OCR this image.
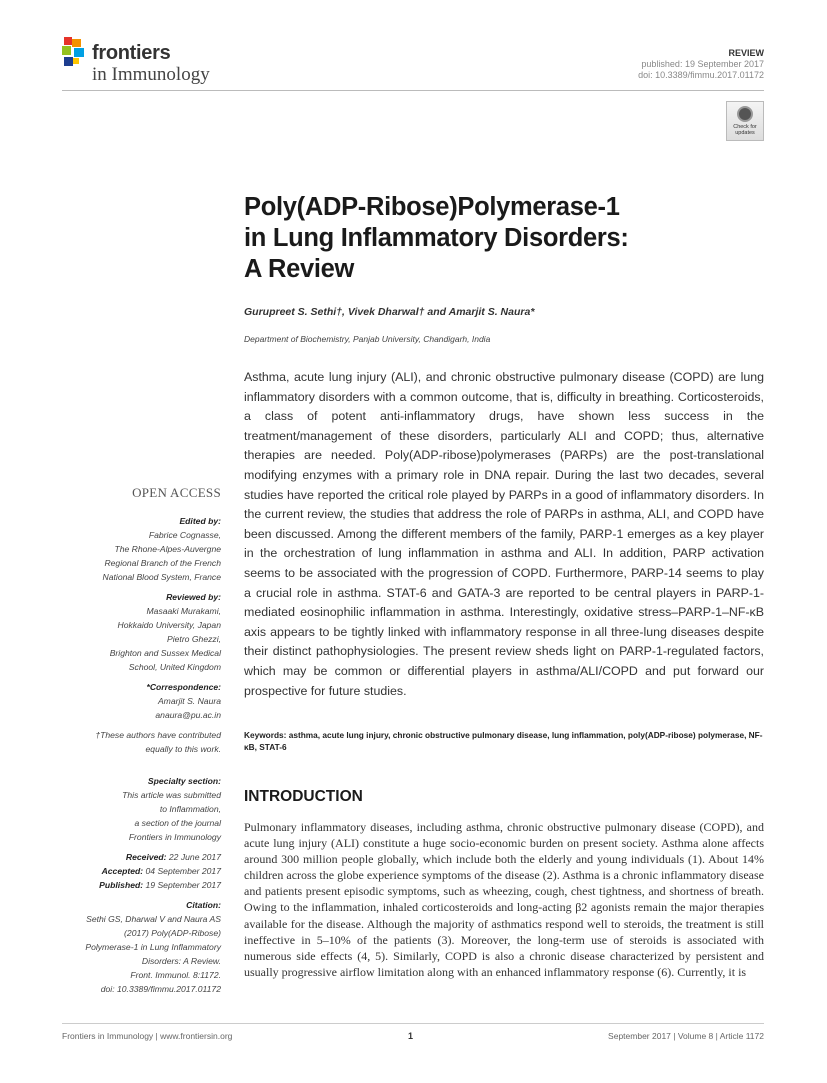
frontiers
in Immunology
REVIEW
published: 19 September 2017
doi: 10.3389/fimmu.2017.01172
Check for updates
Poly(ADP-Ribose)Polymerase-1
in Lung Inflammatory Disorders:
A Review
Gurupreet S. Sethi†, Vivek Dharwal† and Amarjit S. Naura*
Department of Biochemistry, Panjab University, Chandigarh, India
Asthma, acute lung injury (ALI), and chronic obstructive pulmonary disease (COPD) are lung inflammatory disorders with a common outcome, that is, difficulty in breathing. Corticosteroids, a class of potent anti-inflammatory drugs, have shown less success in the treatment/management of these disorders, particularly ALI and COPD; thus, alternative therapies are needed. Poly(ADP-ribose)polymerases (PARPs) are the post-translational modifying enzymes with a primary role in DNA repair. During the last two decades, several studies have reported the critical role played by PARPs in a good of inflammatory disorders. In the current review, the studies that address the role of PARPs in asthma, ALI, and COPD have been discussed. Among the different members of the family, PARP-1 emerges as a key player in the orchestration of lung inflammation in asthma and ALI. In addition, PARP activation seems to be associated with the progression of COPD. Furthermore, PARP-14 seems to play a crucial role in asthma. STAT-6 and GATA-3 are reported to be central players in PARP-1-mediated eosinophilic inflammation in asthma. Interestingly, oxidative stress–PARP-1–NF-κB axis appears to be tightly linked with inflammatory response in all three-lung diseases despite their distinct pathophysiologies. The present review sheds light on PARP-1-regulated factors, which may be common or differential players in asthma/ALI/COPD and put forward our prospective for future studies.
Keywords: asthma, acute lung injury, chronic obstructive pulmonary disease, lung inflammation, poly(ADP-ribose) polymerase, NF-κB, STAT-6
OPEN ACCESS
Edited by:
Fabrice Cognasse,
The Rhone-Alpes-Auvergne
Regional Branch of the French
National Blood System, France
Reviewed by:
Masaaki Murakami,
Hokkaido University, Japan
Pietro Ghezzi,
Brighton and Sussex Medical
School, United Kingdom
*Correspondence:
Amarjit S. Naura
anaura@pu.ac.in
†These authors have contributed
equally to this work.
Specialty section:
This article was submitted
to Inflammation,
a section of the journal
Frontiers in Immunology
Received: 22 June 2017
Accepted: 04 September 2017
Published: 19 September 2017
Citation:
Sethi GS, Dharwal V and Naura AS
(2017) Poly(ADP-Ribose)
Polymerase-1 in Lung Inflammatory
Disorders: A Review.
Front. Immunol. 8:1172.
doi: 10.3389/fimmu.2017.01172
INTRODUCTION
Pulmonary inflammatory diseases, including asthma, chronic obstructive pulmonary disease (COPD), and acute lung injury (ALI) constitute a huge socio-economic burden on present society. Asthma alone affects around 300 million people globally, which include both the elderly and young individuals (1). About 14% children across the globe experience symptoms of the disease (2). Asthma is a chronic inflammatory disease and patients present episodic symptoms, such as wheezing, cough, chest tightness, and shortness of breath. Owing to the inflammation, inhaled corticosteroids and long-acting β2 agonists remain the major therapies available for the disease. Although the majority of asthmatics respond well to steroids, the treatment is still ineffective in 5–10% of the patients (3). Moreover, the long-term use of steroids is associated with numerous side effects (4, 5). Similarly, COPD is also a chronic disease characterized by persistent and usually progressive airflow limitation along with an enhanced inflammatory response (6). Currently, it is
Frontiers in Immunology | www.frontiersin.org	1	September 2017 | Volume 8 | Article 1172
